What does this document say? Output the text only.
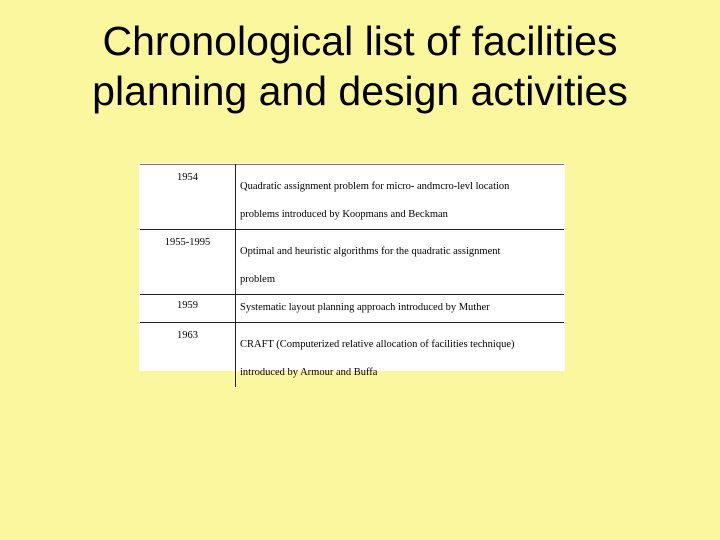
Chronological list of facilities
planning and design activities
1954	Quadratic assignment problem for micro- andmcro-levl location
problems introduced by Koopmans and Beckman

1955-1995	Optimal and heuristic algorithms for the quadratic assignment
problem

1959	Systematic layout planning approach introduced by Muther

1963	CRAFT (Computerized relative allocation of facilities technique)
introduced by Armour and Buffa
